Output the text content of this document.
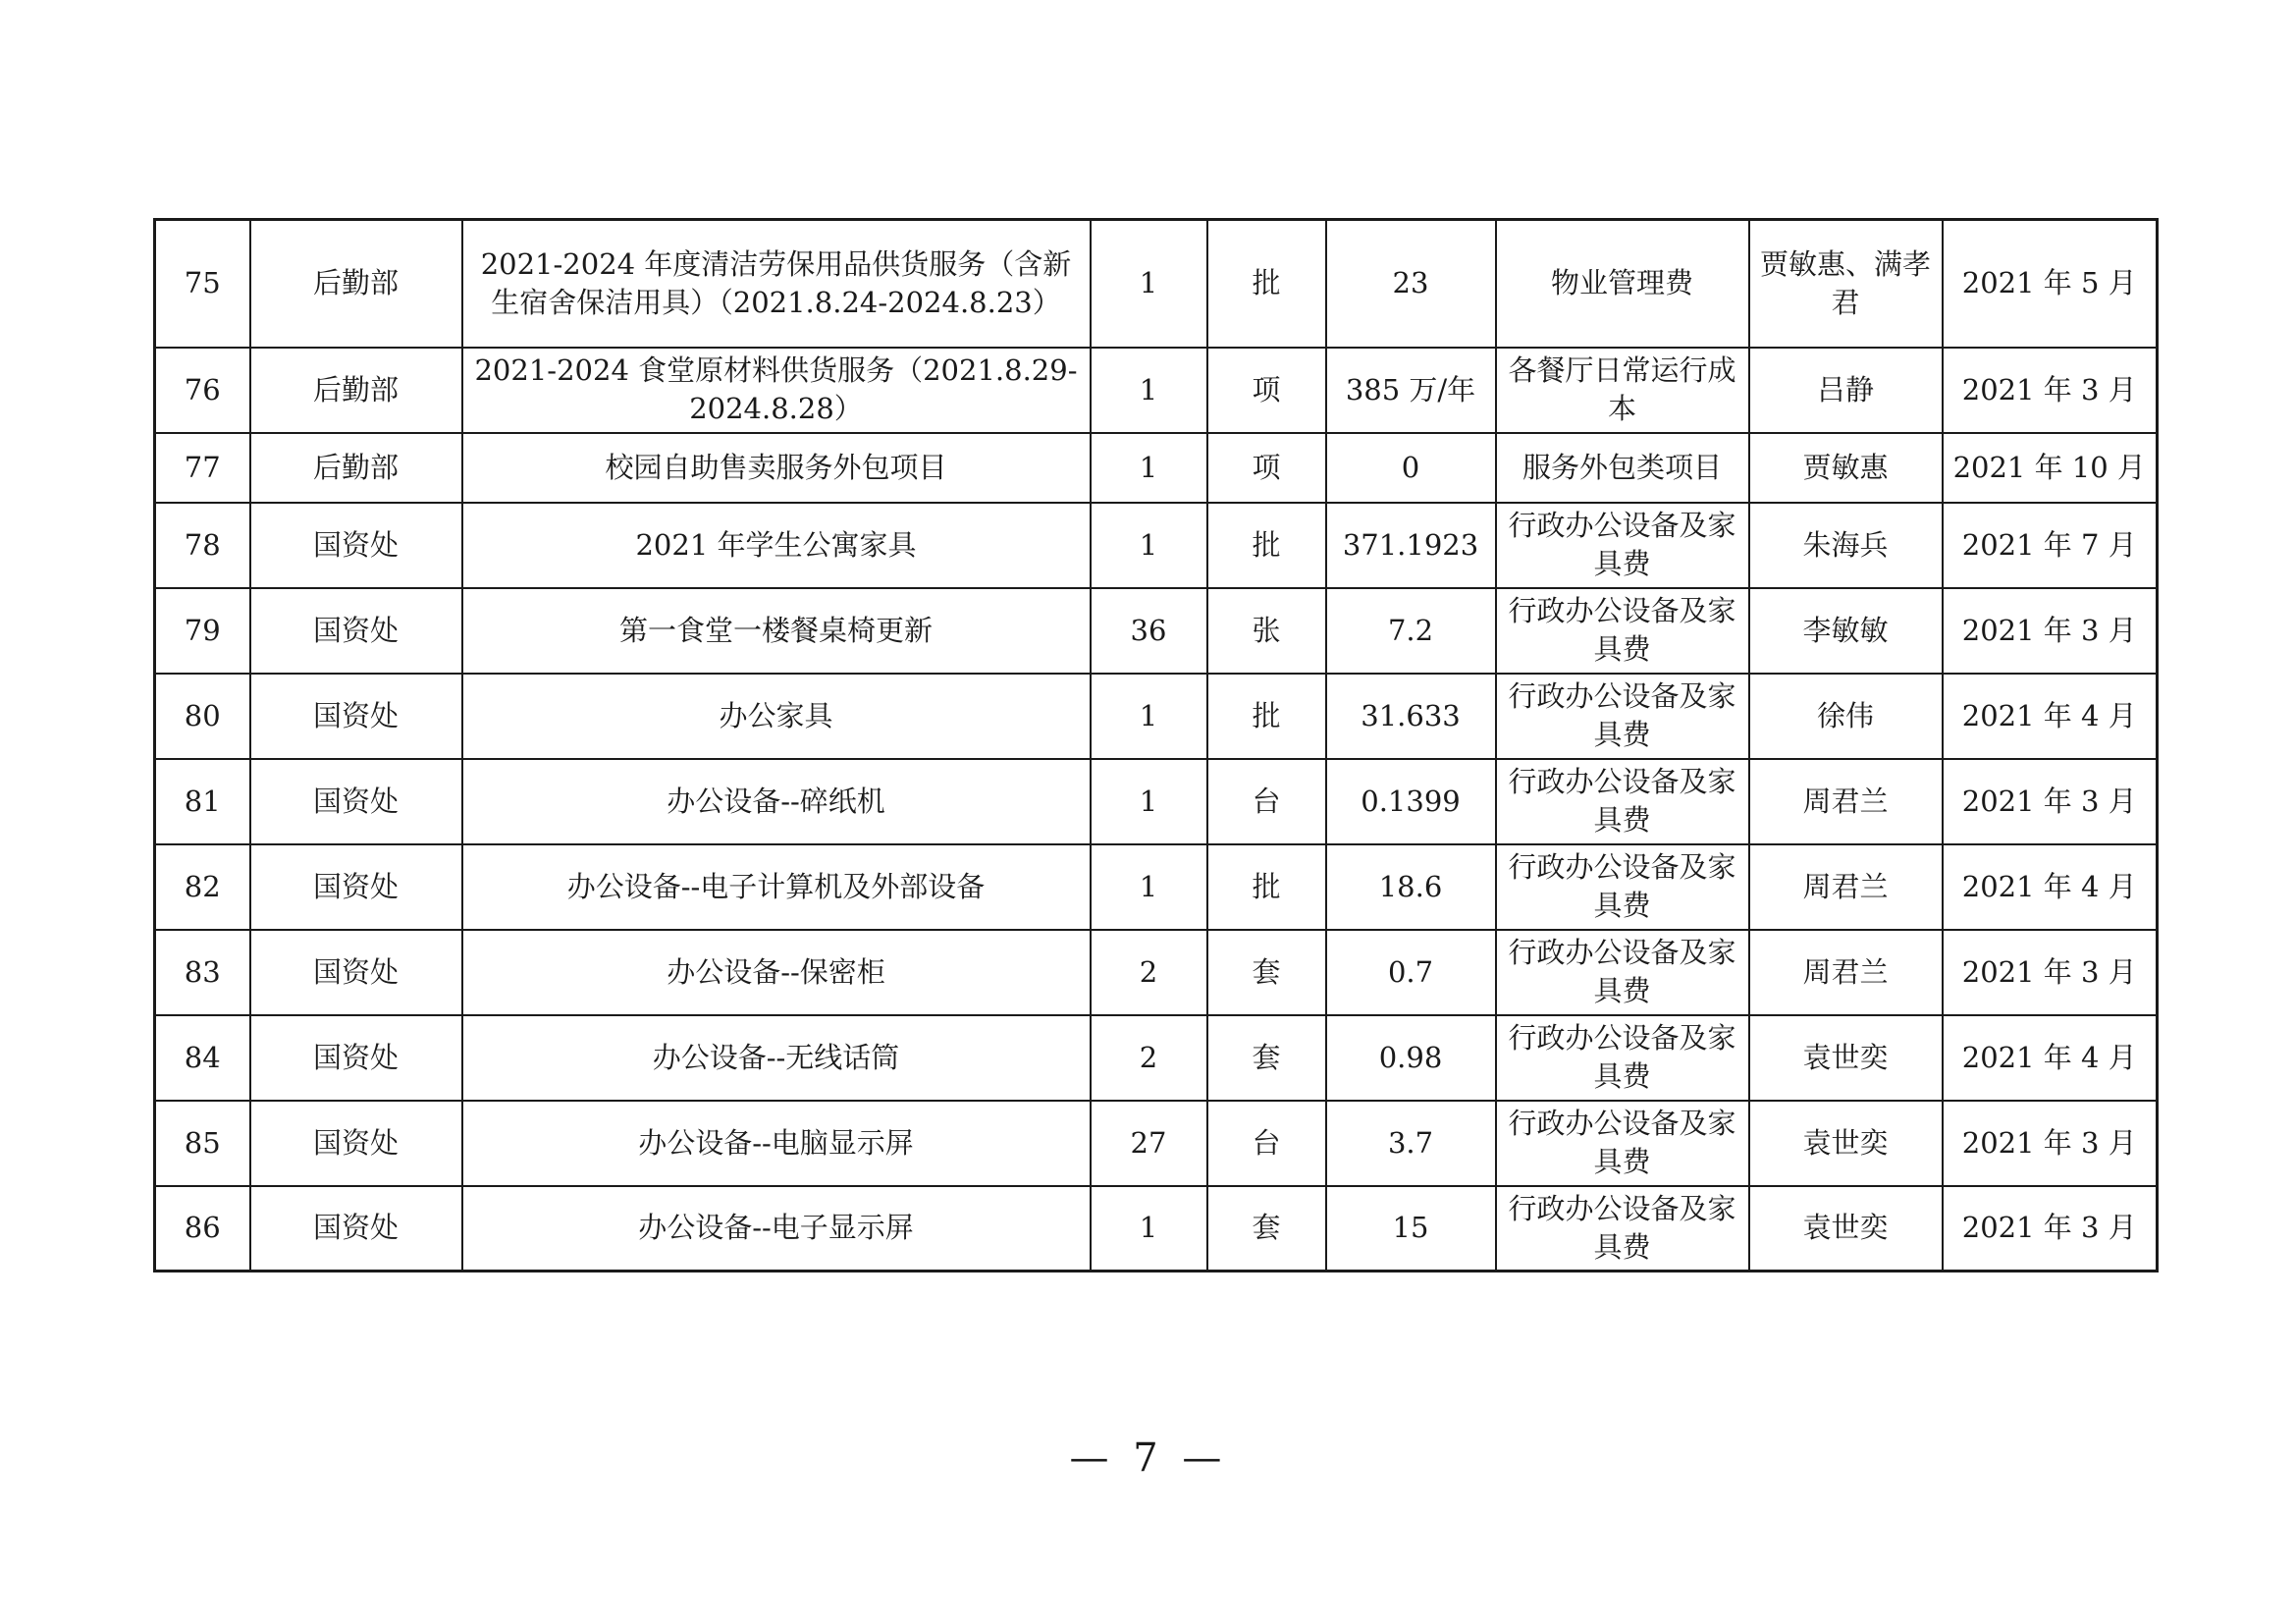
75	后勤部	2021-2024 年度清洁劳保用品供货服务（含新生宿舍保洁用具）（2021.8.24-2024.8.23）	1	批	23	物业管理费	贾敏惠、满孝君	2021 年 5 月
76	后勤部	2021-2024 食堂原材料供货服务（2021.8.29-2024.8.28）	1	项	385 万/年	各餐厅日常运行成本	吕静	2021 年 3 月
77	后勤部	校园自助售卖服务外包项目	1	项	0	服务外包类项目	贾敏惠	2021 年 10 月
78	国资处	2021 年学生公寓家具	1	批	371.1923	行政办公设备及家具费	朱海兵	2021 年 7 月
79	国资处	第一食堂一楼餐桌椅更新	36	张	7.2	行政办公设备及家具费	李敏敏	2021 年 3 月
80	国资处	办公家具	1	批	31.633	行政办公设备及家具费	徐伟	2021 年 4 月
81	国资处	办公设备--碎纸机	1	台	0.1399	行政办公设备及家具费	周君兰	2021 年 3 月
82	国资处	办公设备--电子计算机及外部设备	1	批	18.6	行政办公设备及家具费	周君兰	2021 年 4 月
83	国资处	办公设备--保密柜	2	套	0.7	行政办公设备及家具费	周君兰	2021 年 3 月
84	国资处	办公设备--无线话筒	2	套	0.98	行政办公设备及家具费	袁世奕	2021 年 4 月
85	国资处	办公设备--电脑显示屏	27	台	3.7	行政办公设备及家具费	袁世奕	2021 年 3 月
86	国资处	办公设备--电子显示屏	1	套	15	行政办公设备及家具费	袁世奕	2021 年 3 月
— 7 —
